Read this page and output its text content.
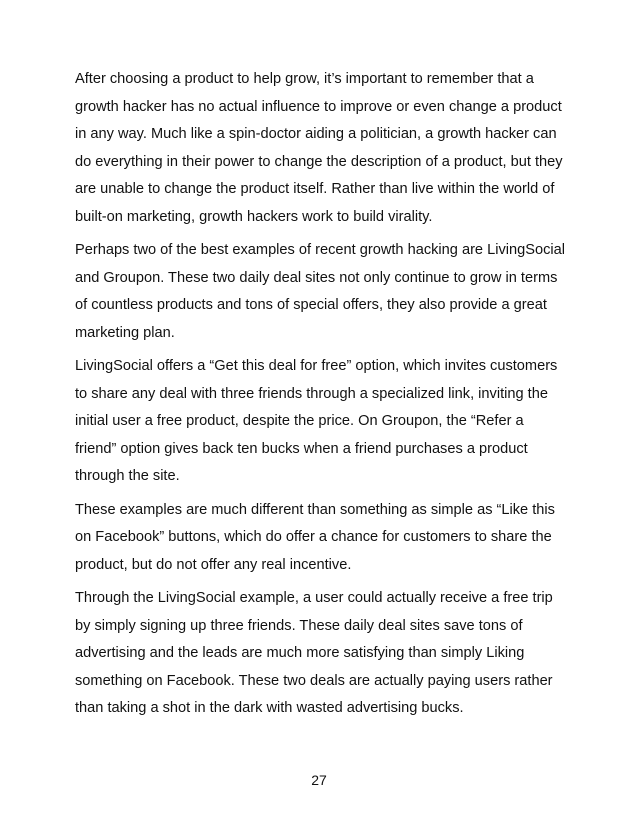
After choosing a product to help grow, it’s important to remember that a growth hacker has no actual influence to improve or even change a product in any way. Much like a spin-doctor aiding a politician, a growth hacker can do everything in their power to change the description of a product, but they are unable to change the product itself. Rather than live within the world of built-on marketing, growth hackers work to build virality.

Perhaps two of the best examples of recent growth hacking are LivingSocial and Groupon. These two daily deal sites not only continue to grow in terms of countless products and tons of special offers, they also provide a great marketing plan.

LivingSocial offers a “Get this deal for free” option, which invites customers to share any deal with three friends through a specialized link, inviting the initial user a free product, despite the price. On Groupon, the “Refer a friend” option gives back ten bucks when a friend purchases a product through the site.

These examples are much different than something as simple as “Like this on Facebook” buttons, which do offer a chance for customers to share the product, but do not offer any real incentive.

Through the LivingSocial example, a user could actually receive a free trip by simply signing up three friends. These daily deal sites save tons of advertising and the leads are much more satisfying than simply Liking something on Facebook. These two deals are actually paying users rather than taking a shot in the dark with wasted advertising bucks.

27
